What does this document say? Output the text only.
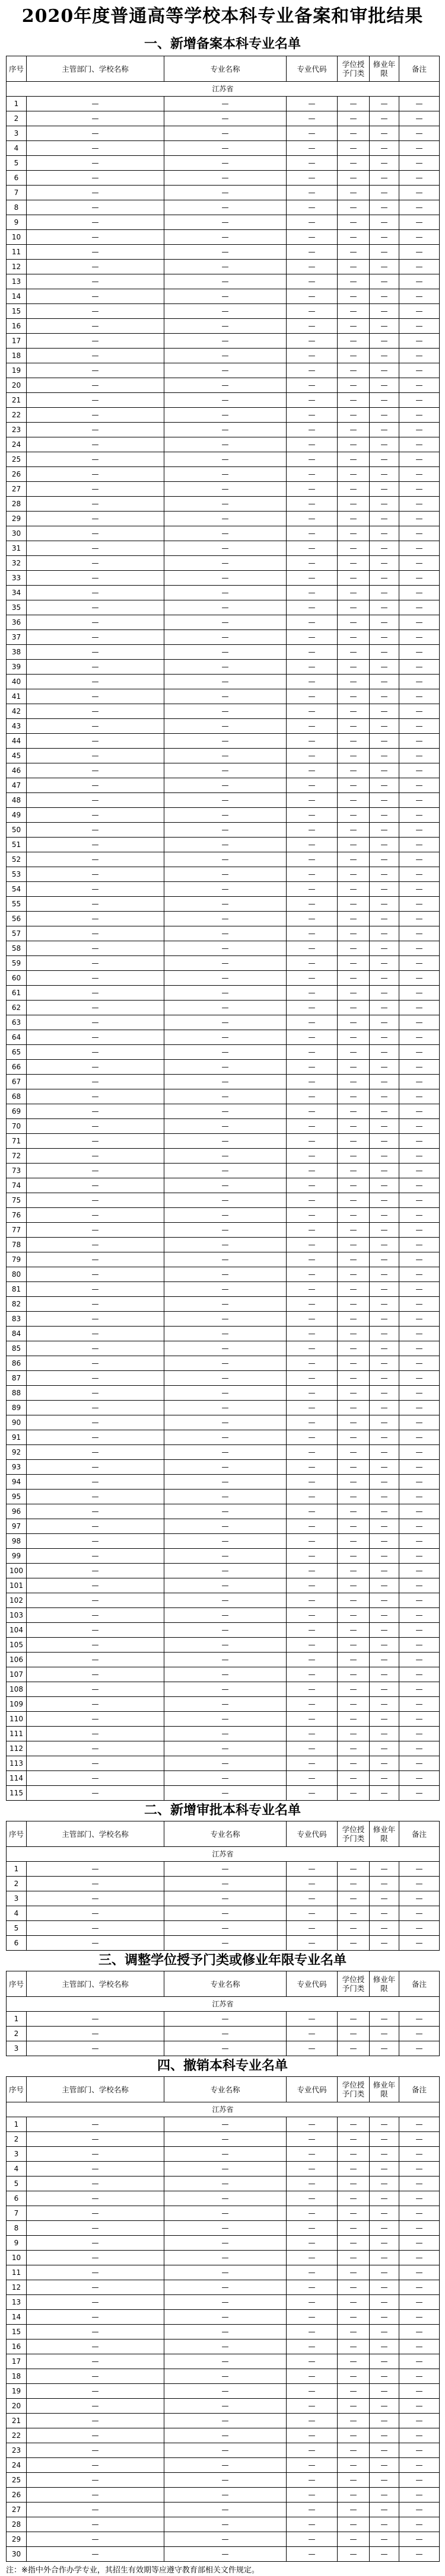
2020年度普通高等学校本科专业备案和审批结果
一、新增备案本科专业名单
序号	主管部门、学校名称	专业名称	专业代码	学位授予门类	修业年限	备注
江苏省						
1	—	—	—	—	—	—
2	—	—	—	—	—	—
3	—	—	—	—	—	—
4	—	—	—	—	—	—
5	—	—	—	—	—	—
6	—	—	—	—	—	—
7	—	—	—	—	—	—
8	—	—	—	—	—	—
9	—	—	—	—	—	—
10	—	—	—	—	—	—
11	—	—	—	—	—	—
12	—	—	—	—	—	—
13	—	—	—	—	—	—
14	—	—	—	—	—	—
15	—	—	—	—	—	—
16	—	—	—	—	—	—
17	—	—	—	—	—	—
18	—	—	—	—	—	—
19	—	—	—	—	—	—
20	—	—	—	—	—	—
21	—	—	—	—	—	—
22	—	—	—	—	—	—
23	—	—	—	—	—	—
24	—	—	—	—	—	—
25	—	—	—	—	—	—
26	—	—	—	—	—	—
27	—	—	—	—	—	—
28	—	—	—	—	—	—
29	—	—	—	—	—	—
30	—	—	—	—	—	—
31	—	—	—	—	—	—
32	—	—	—	—	—	—
33	—	—	—	—	—	—
34	—	—	—	—	—	—
35	—	—	—	—	—	—
36	—	—	—	—	—	—
37	—	—	—	—	—	—
38	—	—	—	—	—	—
39	—	—	—	—	—	—
40	—	—	—	—	—	—
41	—	—	—	—	—	—
42	—	—	—	—	—	—
43	—	—	—	—	—	—
44	—	—	—	—	—	—
45	—	—	—	—	—	—
46	—	—	—	—	—	—
47	—	—	—	—	—	—
48	—	—	—	—	—	—
49	—	—	—	—	—	—
50	—	—	—	—	—	—
51	—	—	—	—	—	—
52	—	—	—	—	—	—
53	—	—	—	—	—	—
54	—	—	—	—	—	—
55	—	—	—	—	—	—
56	—	—	—	—	—	—
57	—	—	—	—	—	—
58	—	—	—	—	—	—
59	—	—	—	—	—	—
60	—	—	—	—	—	—
61	—	—	—	—	—	—
62	—	—	—	—	—	—
63	—	—	—	—	—	—
64	—	—	—	—	—	—
65	—	—	—	—	—	—
66	—	—	—	—	—	—
67	—	—	—	—	—	—
68	—	—	—	—	—	—
69	—	—	—	—	—	—
70	—	—	—	—	—	—
71	—	—	—	—	—	—
72	—	—	—	—	—	—
73	—	—	—	—	—	—
74	—	—	—	—	—	—
75	—	—	—	—	—	—
76	—	—	—	—	—	—
77	—	—	—	—	—	—
78	—	—	—	—	—	—
79	—	—	—	—	—	—
80	—	—	—	—	—	—
81	—	—	—	—	—	—
82	—	—	—	—	—	—
83	—	—	—	—	—	—
84	—	—	—	—	—	—
85	—	—	—	—	—	—
86	—	—	—	—	—	—
87	—	—	—	—	—	—
88	—	—	—	—	—	—
89	—	—	—	—	—	—
90	—	—	—	—	—	—
91	—	—	—	—	—	—
92	—	—	—	—	—	—
93	—	—	—	—	—	—
94	—	—	—	—	—	—
95	—	—	—	—	—	—
96	—	—	—	—	—	—
97	—	—	—	—	—	—
98	—	—	—	—	—	—
99	—	—	—	—	—	—
100	—	—	—	—	—	—
101	—	—	—	—	—	—
102	—	—	—	—	—	—
103	—	—	—	—	—	—
104	—	—	—	—	—	—
105	—	—	—	—	—	—
106	—	—	—	—	—	—
107	—	—	—	—	—	—
108	—	—	—	—	—	—
109	—	—	—	—	—	—
110	—	—	—	—	—	—
111	—	—	—	—	—	—
112	—	—	—	—	—	—
113	—	—	—	—	—	—
114	—	—	—	—	—	—
115	—	—	—	—	—	—
二、新增审批本科专业名单
序号	主管部门、学校名称	专业名称	专业代码	学位授予门类	修业年限	备注
江苏省						
1	—	—	—	—	—	—
2	—	—	—	—	—	—
3	—	—	—	—	—	—
4	—	—	—	—	—	—
5	—	—	—	—	—	—
6	—	—	—	—	—	—
三、调整学位授予门类或修业年限专业名单
序号	主管部门、学校名称	专业名称	专业代码	学位授予门类	修业年限	备注
江苏省						
1	—	—	—	—	—	—
2	—	—	—	—	—	—
3	—	—	—	—	—	—
四、撤销本科专业名单
序号	主管部门、学校名称	专业名称	专业代码	学位授予门类	修业年限	备注
江苏省						
1	—	—	—	—	—	—
2	—	—	—	—	—	—
3	—	—	—	—	—	—
4	—	—	—	—	—	—
5	—	—	—	—	—	—
6	—	—	—	—	—	—
7	—	—	—	—	—	—
8	—	—	—	—	—	—
9	—	—	—	—	—	—
10	—	—	—	—	—	—
11	—	—	—	—	—	—
12	—	—	—	—	—	—
13	—	—	—	—	—	—
14	—	—	—	—	—	—
15	—	—	—	—	—	—
16	—	—	—	—	—	—
17	—	—	—	—	—	—
18	—	—	—	—	—	—
19	—	—	—	—	—	—
20	—	—	—	—	—	—
21	—	—	—	—	—	—
22	—	—	—	—	—	—
23	—	—	—	—	—	—
24	—	—	—	—	—	—
25	—	—	—	—	—	—
26	—	—	—	—	—	—
27	—	—	—	—	—	—
28	—	—	—	—	—	—
29	—	—	—	—	—	—
30	—	—	—	—	—	—
注：※指中外合作办学专业，其招生有效期等应遵守教育部相关文件规定。
